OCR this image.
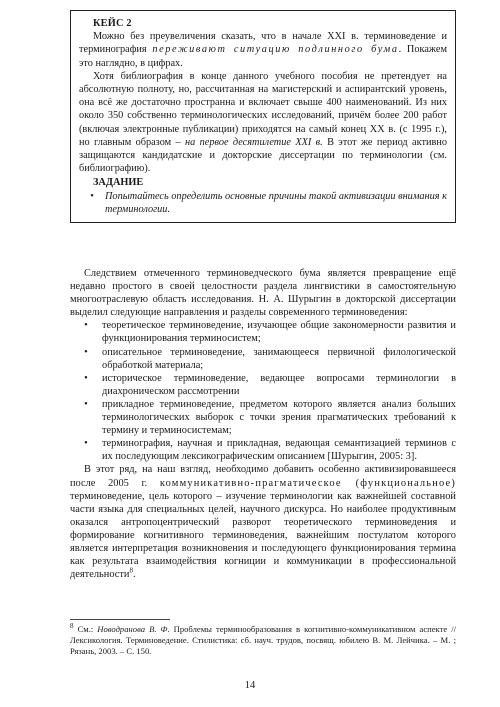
КЕЙС 2

Можно без преувеличения сказать, что в начале XXI в. терминоведение и терминография переживают ситуацию подлинного бума. Покажем это наглядно, в цифрах.

Хотя библиография в конце данного учебного пособия не претендует на абсолютную полноту, но, рассчитанная на магистерский и аспирантский уровень, она всё же достаточно пространна и включает свыше 400 наименований. Из них около 350 собственно терминологических исследований, причём более 200 работ (включая электронные публикации) приходятся на самый конец XX в. (с 1995 г.), но главным образом – на первое десятилетие XXI в. В этот же период активно защищаются кандидатские и докторские диссертации по терминологии (см. библиографию).

ЗАДАНИЕ
•	Попытайтесь определить основные причины такой активизации внимания к терминологии.

Следствием отмеченного терминоведческого бума является превращение ещё недавно простого в своей целостности раздела лингвистики в самостоятельную многоотраслевую область исследования. Н. А. Шурыгин в докторской диссертации выделил следующие направления и разделы современного терминоведения:

•	теоретическое терминоведение, изучающее общие закономерности развития и функционирования терминосистем;
•	описательное терминоведение, занимающееся первичной филологической обработкой материала;
•	историческое терминоведение, ведающее вопросами терминологии в диахроническом рассмотрении
•	прикладное терминоведение, предметом которого является анализ больших терминологических выборок с точки зрения прагматических требований к термину и терминосистемам;
•	терминография, научная и прикладная, ведающая семантизацией терминов с их последующим лексикографическим описанием [Шурыгин, 2005: 3].

В этот ряд, на наш взгляд, необходимо добавить особенно активизировавшееся после 2005 г. коммуникативно-прагматическое (функциональное) терминоведение, цель которого – изучение терминологии как важнейшей составной части языка для специальных целей, научного дискурса. Но наиболее продуктивным оказался антропоцентрический разворот теоретического терминоведения и формирование когнитивного терминоведения, важнейшим постулатом которого является интерпретация возникновения и последующего функционирования термина как результата взаимодействия когниции и коммуникации в профессиональной деятельности$^8$.

$^8$ См.: Новодранова В. Ф. Проблемы терминообразования в когнитивно-коммуникативном аспекте // Лексикология. Терминоведение. Стилистика: сб. науч. трудов, посвящ. юбилею В. М. Лейчика. – М. ; Рязань, 2003. – С. 150.
14
